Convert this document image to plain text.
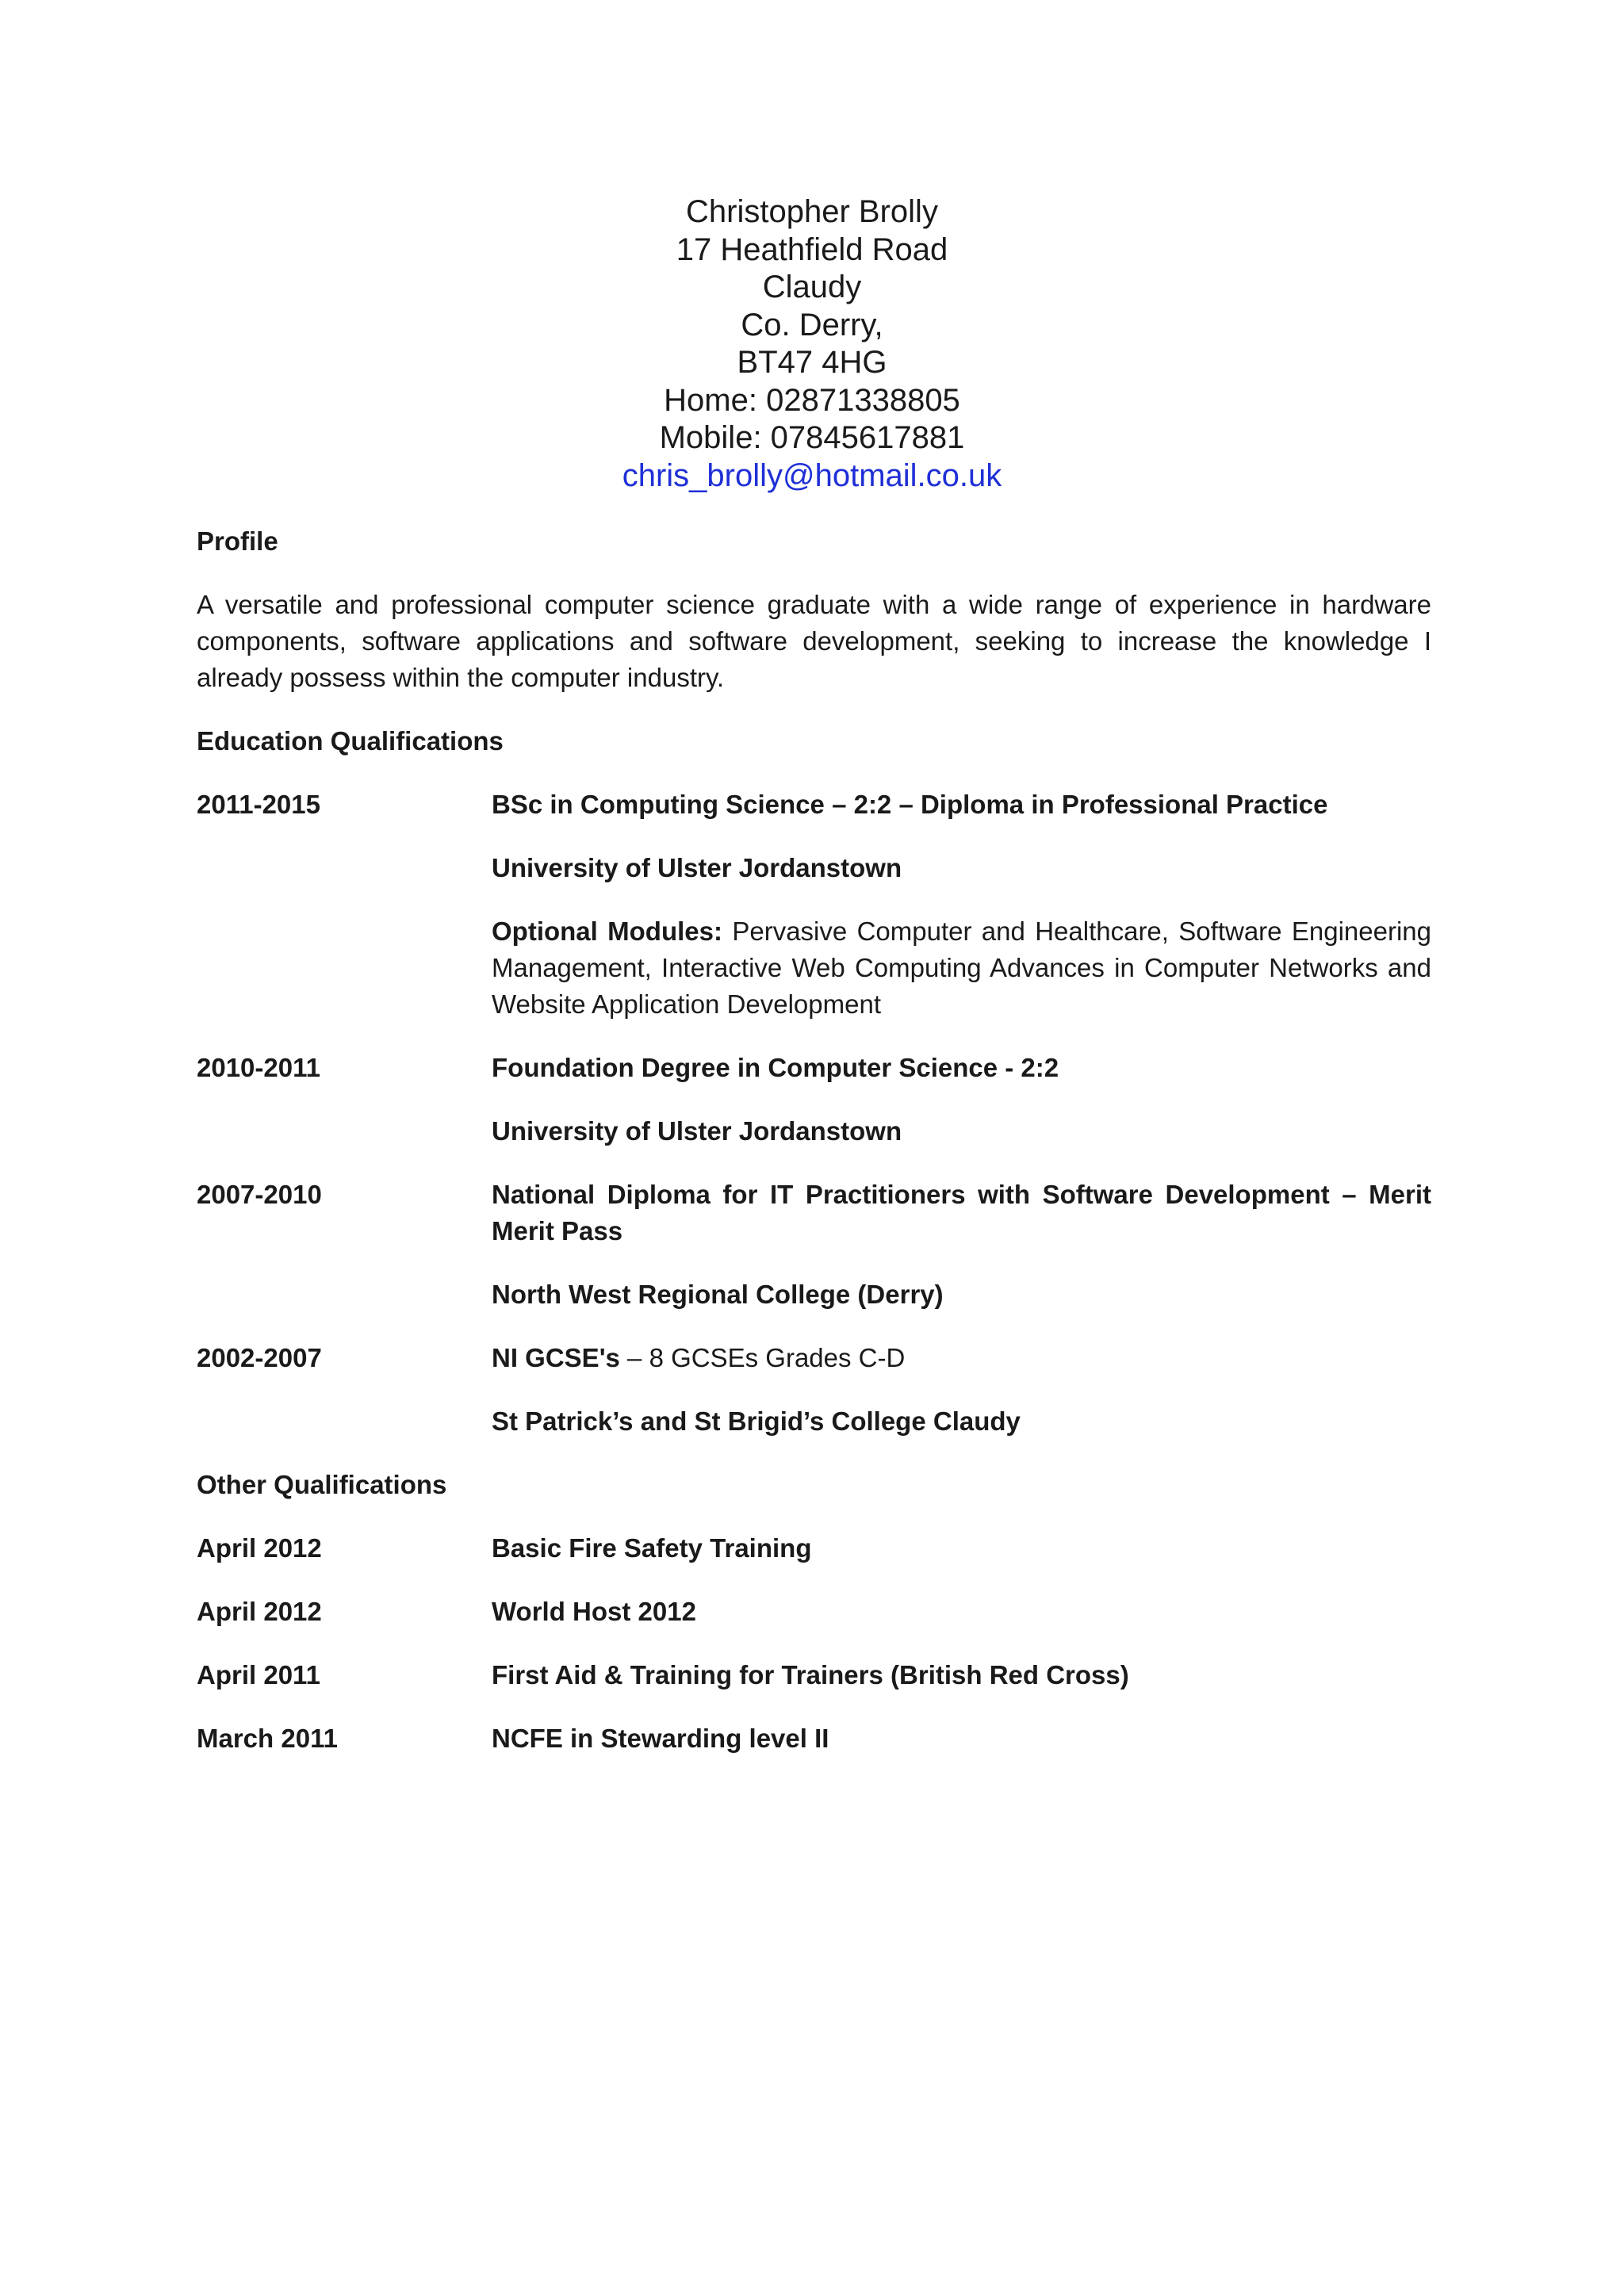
Christopher Brolly
17 Heathfield Road
Claudy
Co. Derry,
BT47 4HG
Home: 02871338805
Mobile: 07845617881
chris_brolly@hotmail.co.uk
Profile
A versatile and professional computer science graduate with a wide range of experience in hardware components, software applications and software development, seeking to increase the knowledge I already possess within the computer industry.
Education Qualifications
2011-2015	BSc in Computing Science – 2:2 – Diploma in Professional Practice

University of Ulster Jordanstown

Optional Modules: Pervasive Computer and Healthcare, Software Engineering Management, Interactive Web Computing Advances in Computer Networks and Website Application Development

2010-2011	Foundation Degree in Computer Science - 2:2

University of Ulster Jordanstown

2007-2010	National Diploma for IT Practitioners with Software Development – Merit Merit Pass

North West Regional College (Derry)

2002-2007	NI GCSE's – 8 GCSEs Grades C-D

St Patrick’s and St Brigid’s College Claudy

Other Qualifications
April 2012	Basic Fire Safety Training
April 2012	World Host 2012
April 2011	First Aid & Training for Trainers (British Red Cross)
March 2011	NCFE in Stewarding level II
